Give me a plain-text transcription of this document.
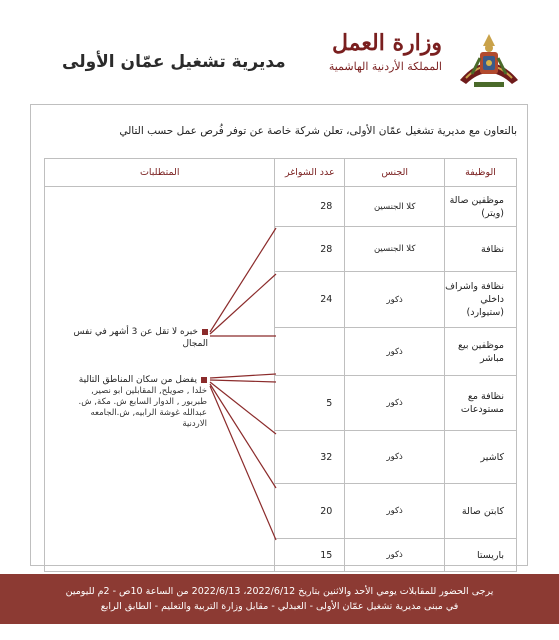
مديرية تشغيل عمّان الأولى
وزارة العمل
المملكة الأردنية الهاشمية
بالتعاون مع مديرية تشغيل عمّان الأولى، تعلن شركة خاصة عن توفر فُرص عمل حسب التالي
الوظيفة	الجنس	عدد الشواغر	المتطلبات
موظفين صالة (ويتر)	كلا الجنسين	28	
نظافة	كلا الجنسين	28	
نظافة واشراف داخلي (ستيوارد)	ذكور	24	
موظفين بيع مباشر	ذكور		
نظافة مع مستودعات	ذكور	5	
كاشير	ذكور	32	
كابتن صالة	ذكور	20	
باريستا	ذكور	15	
خبره لا تقل عن 3 أشهر في نفس المجال
يفضل من سكان المناطق التالية
خلدا , صويلح, المقابلين ابو نصير, طبربور , الدوار السابع ش. مكة, ش. عبدالله غوشة الرابيه, ش.الجامعه الاردنية
يرجى الحضور للمقابلات يومي الأحد والاثنين بتاريخ 2022/6/12، 2022/6/13 من الساعة 10ص - 2م لليومين
في مبنى مديرية تشغيل عمّان الأولى - العبدلي - مقابل وزارة التربية والتعليم - الطابق الرابع
